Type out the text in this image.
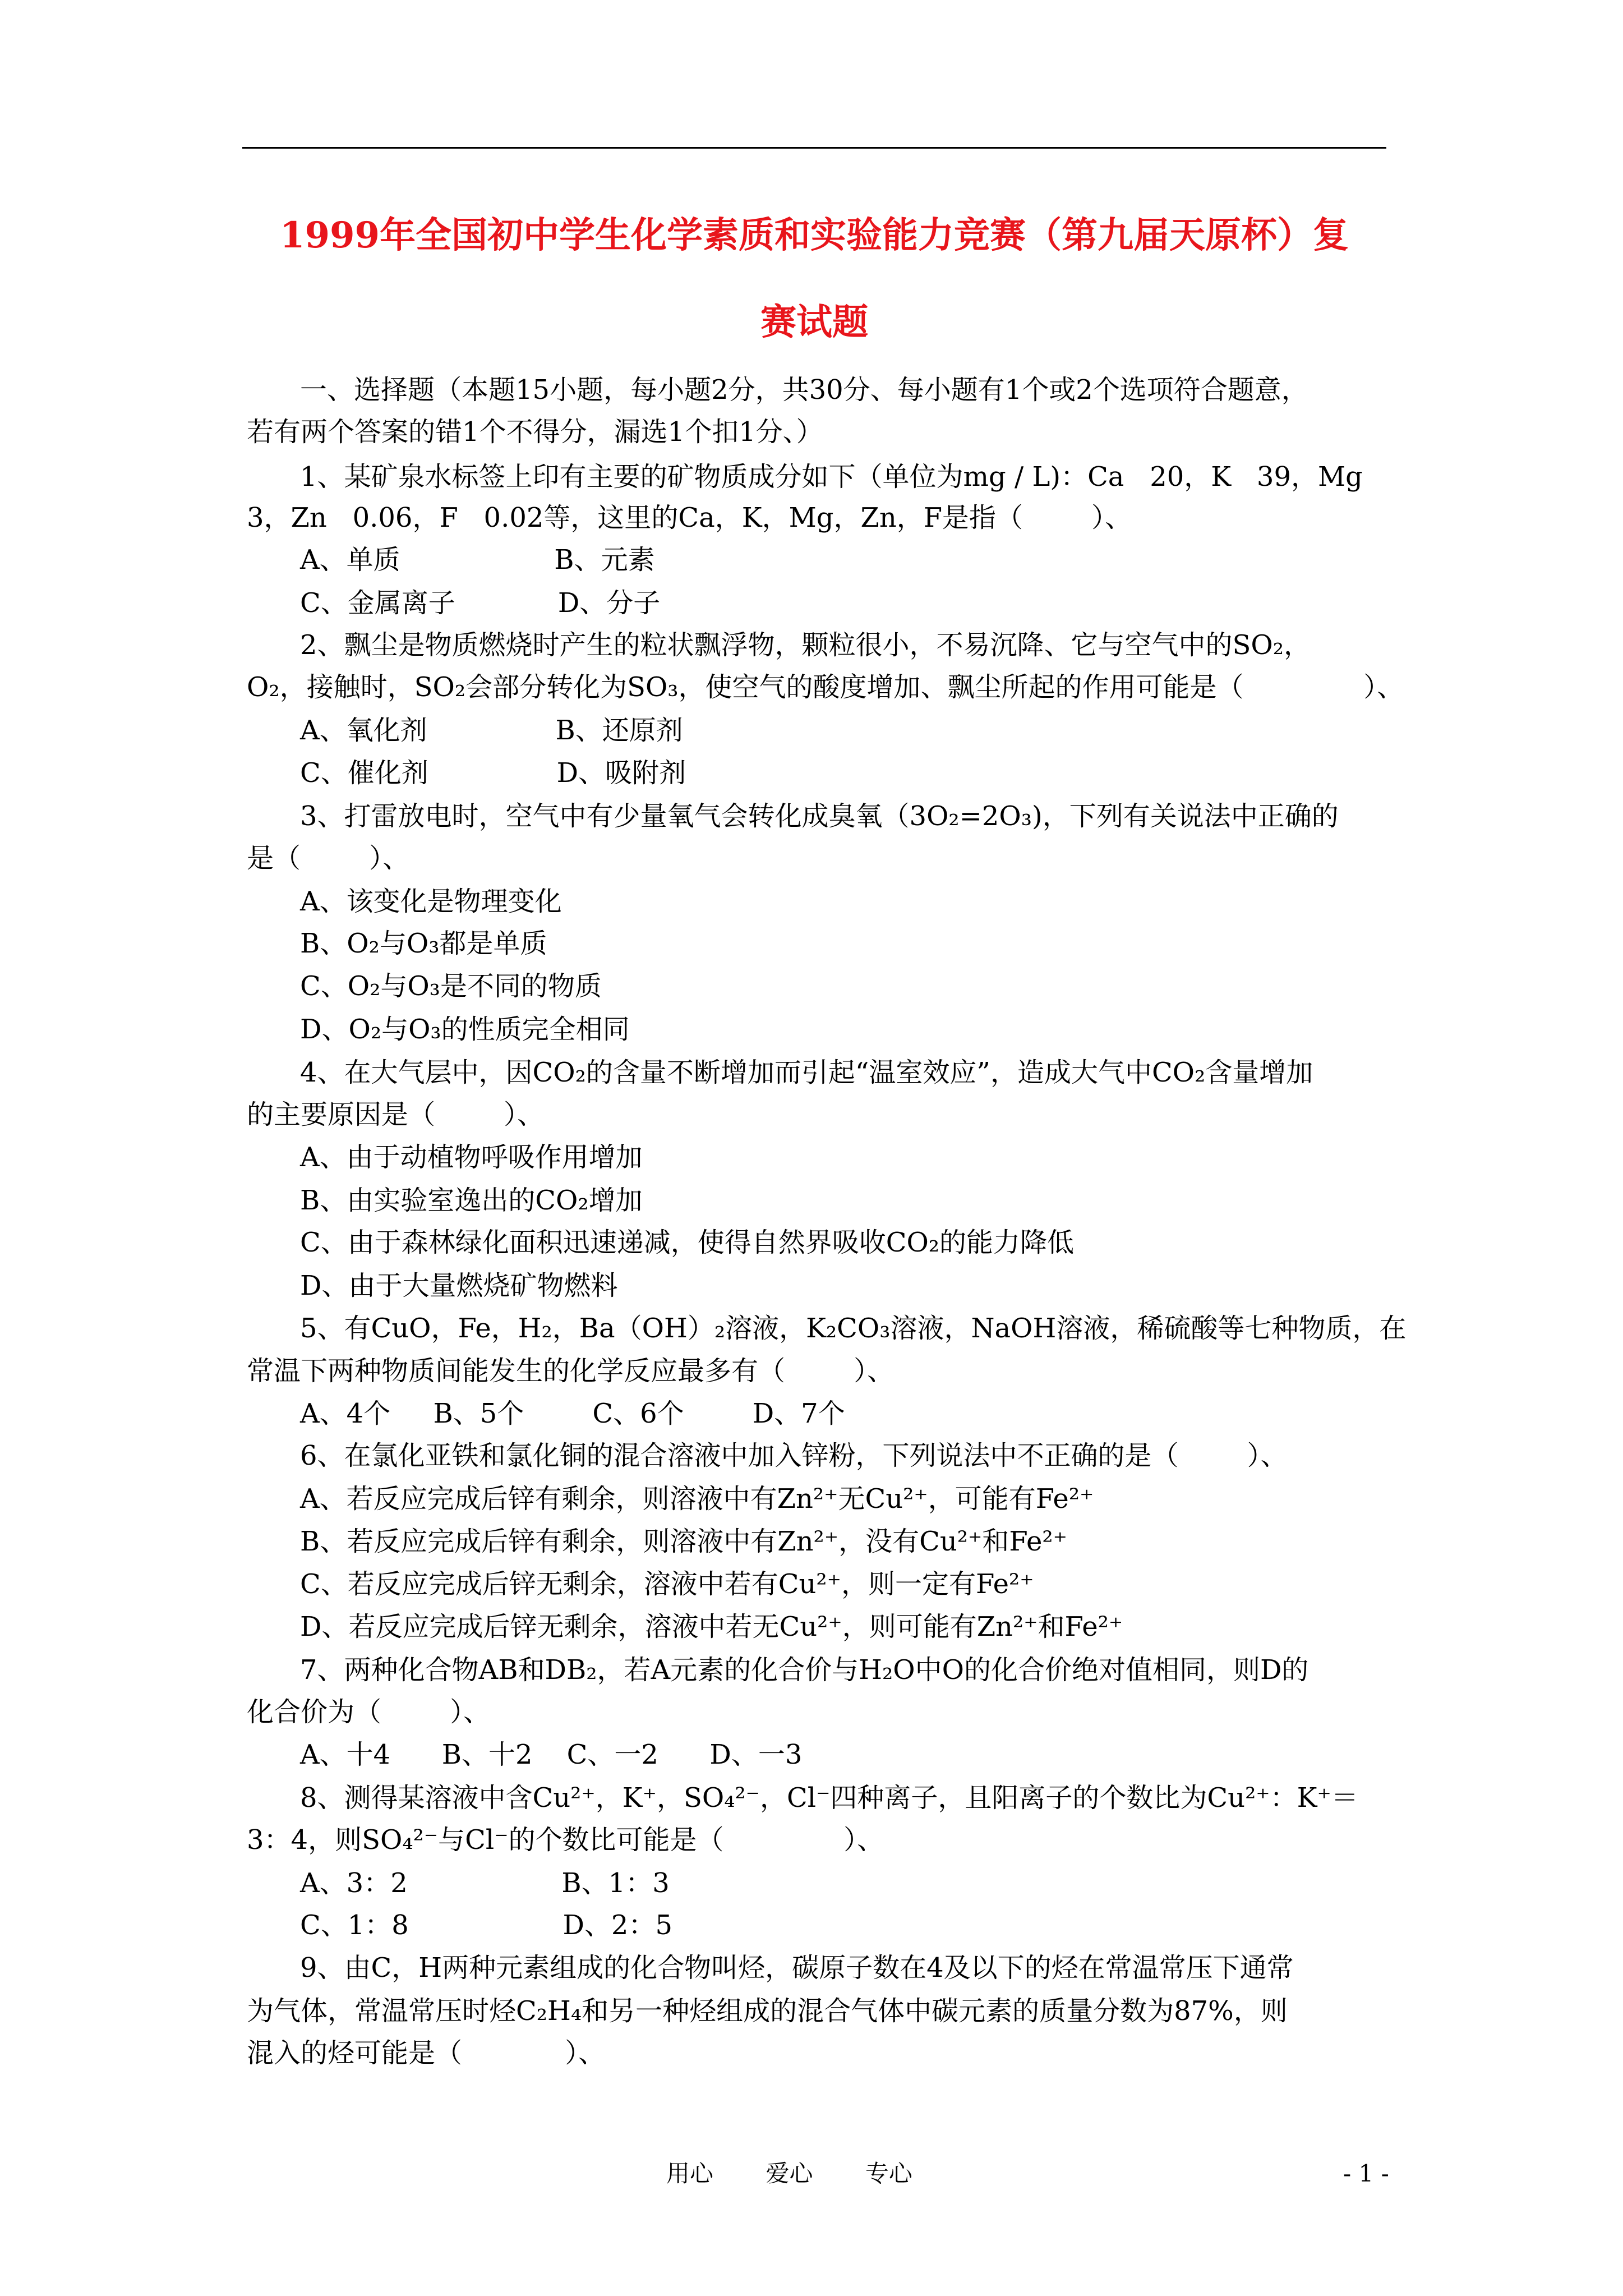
1999年全国初中学生化学素质和实验能力竞赛（第九届天原杯）复
赛试题
一、选择题（本题15小题，每小题2分，共30分、每小题有1个或2个选项符合题意，
若有两个答案的错1个不得分，漏选1个扣1分、）
1、某矿泉水标签上印有主要的矿物质成分如下（单位为mg / L)：Ca   20，K   39，Mg
3，Zn   0.06，F   0.02等，这里的Ca，K，Mg，Zn，F是指（        ）、
A、单质                  B、元素
C、金属离子            D、分子
2、飘尘是物质燃烧时产生的粒状飘浮物，颗粒很小，不易沉降、它与空气中的SO₂，
O₂，接触时，SO₂会部分转化为SO₃，使空气的酸度增加、飘尘所起的作用可能是（              ）、
A、氧化剂               B、还原剂
C、催化剂               D、吸附剂
3、打雷放电时，空气中有少量氧气会转化成臭氧（3O₂=2O₃)，下列有关说法中正确的
是（        ）、
A、该变化是物理变化
B、O₂与O₃都是单质
C、O₂与O₃是不同的物质
D、O₂与O₃的性质完全相同
4、在大气层中，因CO₂的含量不断增加而引起“温室效应”，造成大气中CO₂含量增加
的主要原因是（        ）、
A、由于动植物呼吸作用增加
B、由实验室逸出的CO₂增加
C、由于森林绿化面积迅速递减，使得自然界吸收CO₂的能力降低
D、由于大量燃烧矿物燃料
5、有CuO，Fe，H₂，Ba（OH）₂溶液，K₂CO₃溶液，NaOH溶液，稀硫酸等七种物质，在
常温下两种物质间能发生的化学反应最多有（        ）、
A、4个     B、5个        C、6个        D、7个
6、在氯化亚铁和氯化铜的混合溶液中加入锌粉，下列说法中不正确的是（        ）、
A、若反应完成后锌有剩余，则溶液中有Zn²⁺无Cu²⁺，可能有Fe²⁺
B、若反应完成后锌有剩余，则溶液中有Zn²⁺，没有Cu²⁺和Fe²⁺
C、若反应完成后锌无剩余，溶液中若有Cu²⁺，则一定有Fe²⁺
D、若反应完成后锌无剩余，溶液中若无Cu²⁺，则可能有Zn²⁺和Fe²⁺
7、两种化合物AB和DB₂，若A元素的化合价与H₂O中O的化合价绝对值相同，则D的
化合价为（        ）、
A、十4      B、十2    C、一2      D、一3
8、测得某溶液中含Cu²⁺，K⁺，SO₄²⁻，Cl⁻四种离子，且阳离子的个数比为Cu²⁺：K⁺＝
3：4，则SO₄²⁻与Cl⁻的个数比可能是（              ）、
A、3：2                  B、1：3
C、1：8                  D、2：5
9、由C，H两种元素组成的化合物叫烃，碳原子数在4及以下的烃在常温常压下通常
为气体，常温常压时烃C₂H₄和另一种烃组成的混合气体中碳元素的质量分数为87%，则
混入的烃可能是（            ）、
用心       爱心       专心	- 1 -
